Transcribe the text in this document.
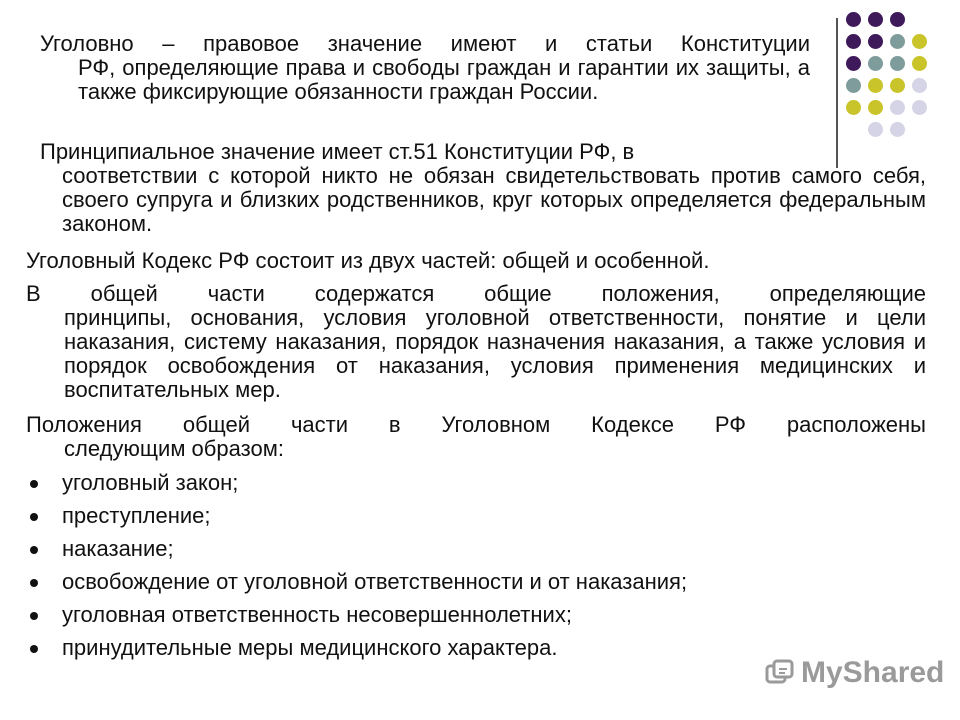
Уголовно – правовое значение имеют и статьи Конституции
РФ, определяющие права и свободы граждан и гарантии их защиты, а также фиксирующие обязанности граждан России.
Принципиальное значение имеет ст.51 Конституции РФ, в
соответствии с которой никто не обязан свидетельствовать против самого себя, своего супруга и близких родственников, круг которых определяется федеральным законом.
Уголовный Кодекс РФ состоит из двух частей: общей и особенной.
В общей части содержатся общие положения, определяющие
принципы, основания, условия уголовной ответственности, понятие и цели наказания, систему наказания, порядок назначения наказания, а также условия и порядок освобождения от наказания, условия применения медицинских и воспитательных мер.
Положения общей части в Уголовном Кодексе РФ расположены
следующим образом:
уголовный закон;
преступление;
наказание;
освобождение от уголовной ответственности и от наказания;
уголовная ответственность несовершеннолетних;
принудительные меры медицинского характера.
MyShared
